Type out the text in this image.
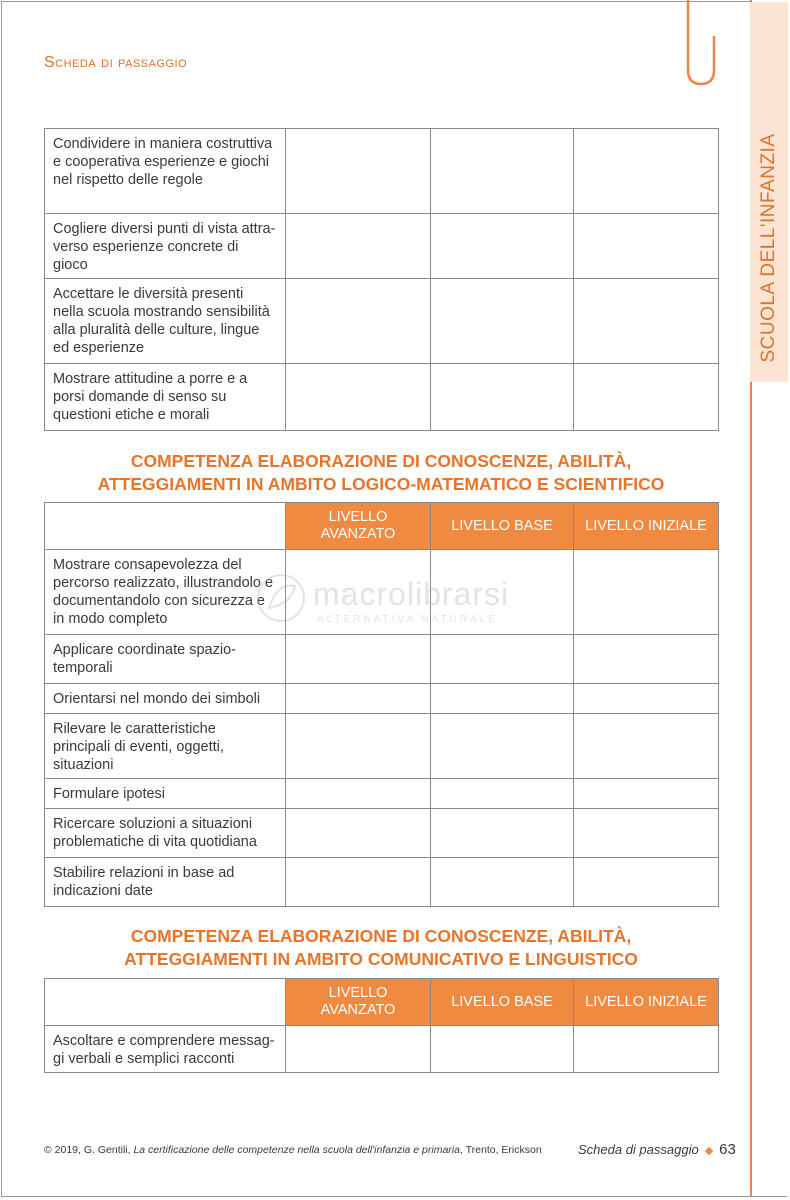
SCUOLA DELL'INFANZIA
Scheda di passaggio
Condividere in maniera costruttiva e cooperativa esperienze e giochi nel rispetto delle regole			
Cogliere diversi punti di vista attra-verso esperienze concrete di gioco			
Accettare le diversità presenti nella scuola mostrando sensibilità alla pluralità delle culture, lingue ed esperienze			
Mostrare attitudine a porre e a porsi domande di senso su questioni etiche e morali			
COMPETENZA ELABORAZIONE DI CONOSCENZE, ABILITÀ,
ATTEGGIAMENTI IN AMBITO LOGICO-MATEMATICO E SCIENTIFICO
	LIVELLO AVANZATO	LIVELLO BASE	LIVELLO INIZIALE
Mostrare consapevolezza del percorso realizzato, illustrandolo e documentandolo con sicurezza e in modo completo			
Applicare coordinate spazio-temporali			
Orientarsi nel mondo dei simboli			
Rilevare le caratteristiche principali di eventi, oggetti, situazioni			
Formulare ipotesi			
Ricercare soluzioni a situazioni problematiche di vita quotidiana			
Stabilire relazioni in base ad indicazioni date			
COMPETENZA ELABORAZIONE DI CONOSCENZE, ABILITÀ,
ATTEGGIAMENTI IN AMBITO COMUNICATIVO E LINGUISTICO
	LIVELLO AVANZATO	LIVELLO BASE	LIVELLO INIZIALE
Ascoltare e comprendere messag-gi verbali e semplici racconti			
macrolibrarsi
ALTERNATIVA NATURALE
© 2019, G. Gentili, La certificazione delle competenze nella scuola dell'infanzia e primaria, Trento, Erickson	Scheda di passaggio ◆ 63
